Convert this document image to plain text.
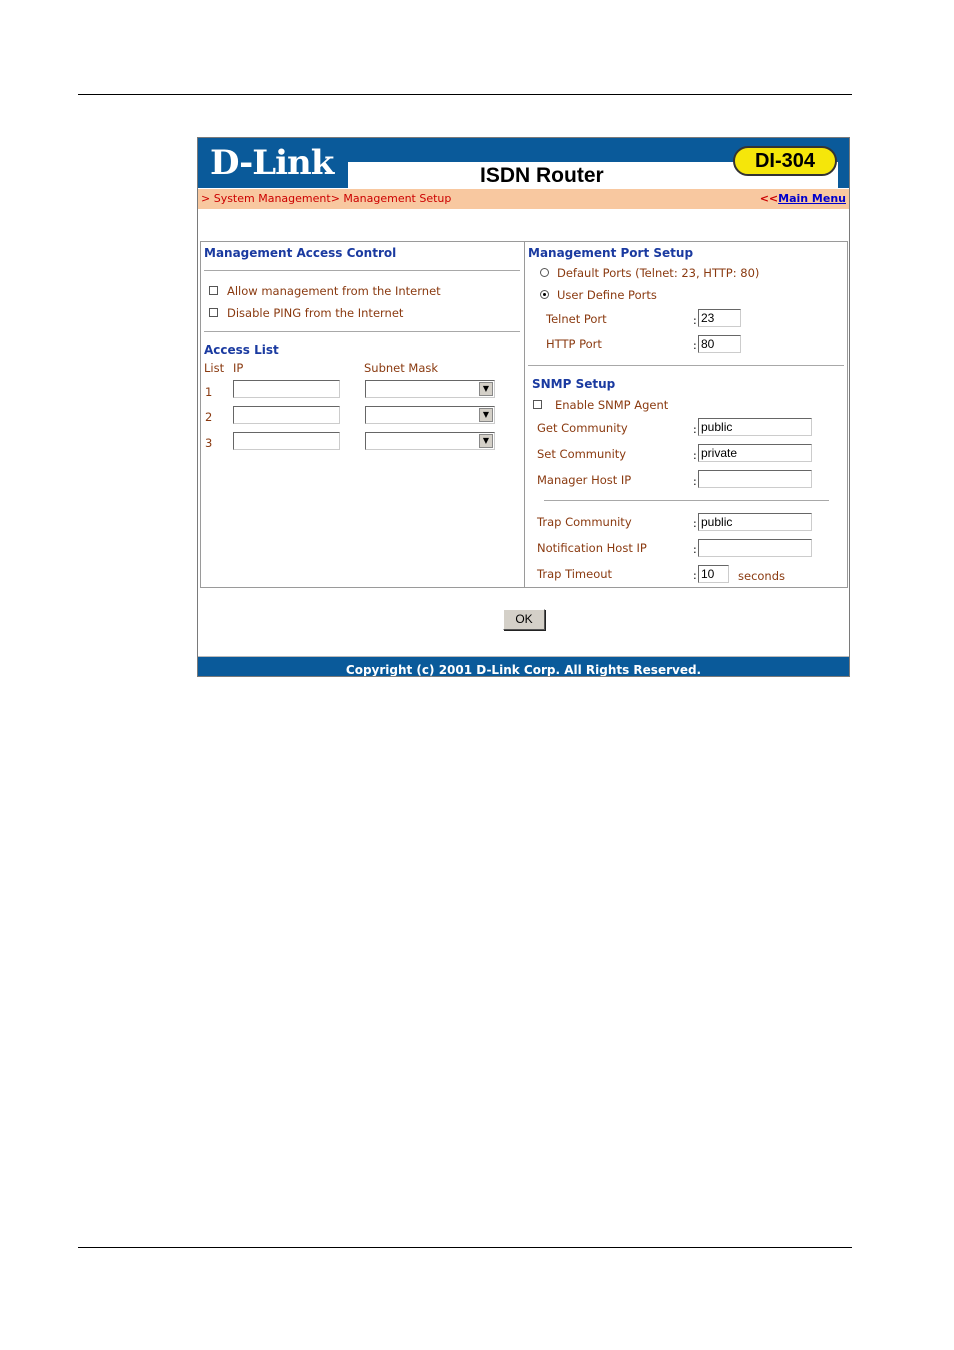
D-Link	ISDN Router
DI-304
> System Management> Management Setup	<<Main Menu
Management Access Control
Allow management from the Internet
Disable PING from the Internet
Access List
List IP	Subnet Mask
1	▼
2	▼
3	▼
Management Port Setup
Default Ports (Telnet: 23, HTTP: 80)
User Define Ports
Telnet Port	:
23
HTTP Port	:
80
SNMP Setup
Enable SNMP Agent
Get Community	:
public
Set Community	:
private
Manager Host IP	:
Trap Community	:
public
Notification Host IP	:
Trap Timeout	:
10	seconds
OK
Copyright (c) 2001 D-Link Corp. All Rights Reserved.
